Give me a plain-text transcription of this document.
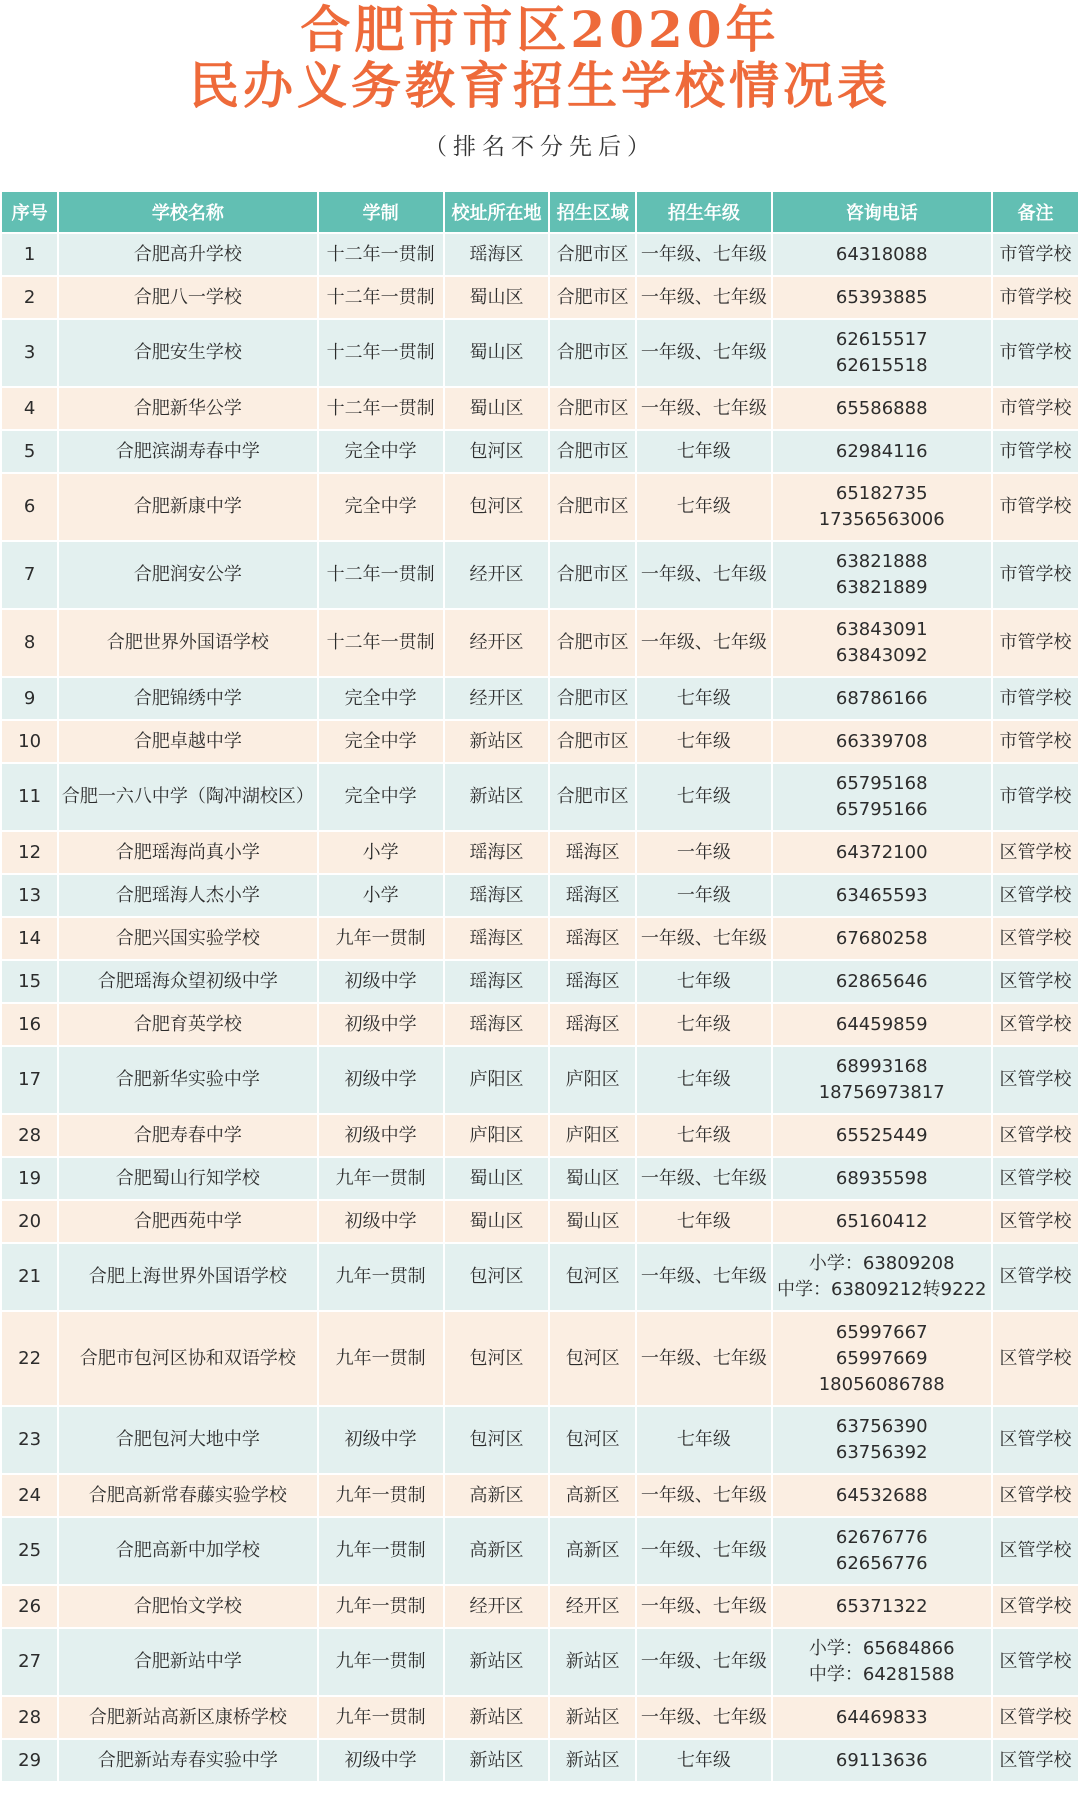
合肥市市区2020年
民办义务教育招生学校情况表
（排名不分先后）
序号	学校名称	学制	校址所在地	招生区域	招生年级	咨询电话	备注
1	合肥高升学校	十二年一贯制	瑶海区	合肥市区	一年级、七年级	64318088	市管学校
2	合肥八一学校	十二年一贯制	蜀山区	合肥市区	一年级、七年级	65393885	市管学校
3	合肥安生学校	十二年一贯制	蜀山区	合肥市区	一年级、七年级	62615517
62615518	市管学校
4	合肥新华公学	十二年一贯制	蜀山区	合肥市区	一年级、七年级	65586888	市管学校
5	合肥滨湖寿春中学	完全中学	包河区	合肥市区	七年级	62984116	市管学校
6	合肥新康中学	完全中学	包河区	合肥市区	七年级	65182735
17356563006	市管学校
7	合肥润安公学	十二年一贯制	经开区	合肥市区	一年级、七年级	63821888
63821889	市管学校
8	合肥世界外国语学校	十二年一贯制	经开区	合肥市区	一年级、七年级	63843091
63843092	市管学校
9	合肥锦绣中学	完全中学	经开区	合肥市区	七年级	68786166	市管学校
10	合肥卓越中学	完全中学	新站区	合肥市区	七年级	66339708	市管学校
11	合肥一六八中学（陶冲湖校区）	完全中学	新站区	合肥市区	七年级	65795168
65795166	市管学校
12	合肥瑶海尚真小学	小学	瑶海区	瑶海区	一年级	64372100	区管学校
13	合肥瑶海人杰小学	小学	瑶海区	瑶海区	一年级	63465593	区管学校
14	合肥兴国实验学校	九年一贯制	瑶海区	瑶海区	一年级、七年级	67680258	区管学校
15	合肥瑶海众望初级中学	初级中学	瑶海区	瑶海区	七年级	62865646	区管学校
16	合肥育英学校	初级中学	瑶海区	瑶海区	七年级	64459859	区管学校
17	合肥新华实验中学	初级中学	庐阳区	庐阳区	七年级	68993168
18756973817	区管学校
28	合肥寿春中学	初级中学	庐阳区	庐阳区	七年级	65525449	区管学校
19	合肥蜀山行知学校	九年一贯制	蜀山区	蜀山区	一年级、七年级	68935598	区管学校
20	合肥西苑中学	初级中学	蜀山区	蜀山区	七年级	65160412	区管学校
21	合肥上海世界外国语学校	九年一贯制	包河区	包河区	一年级、七年级	小学：63809208
中学：63809212转9222	区管学校
22	合肥市包河区协和双语学校	九年一贯制	包河区	包河区	一年级、七年级	65997667
65997669
18056086788	区管学校
23	合肥包河大地中学	初级中学	包河区	包河区	七年级	63756390
63756392	区管学校
24	合肥高新常春藤实验学校	九年一贯制	高新区	高新区	一年级、七年级	64532688	区管学校
25	合肥高新中加学校	九年一贯制	高新区	高新区	一年级、七年级	62676776
62656776	区管学校
26	合肥怡文学校	九年一贯制	经开区	经开区	一年级、七年级	65371322	区管学校
27	合肥新站中学	九年一贯制	新站区	新站区	一年级、七年级	小学：65684866
中学：64281588	区管学校
28	合肥新站高新区康桥学校	九年一贯制	新站区	新站区	一年级、七年级	64469833	区管学校
29	合肥新站寿春实验中学	初级中学	新站区	新站区	七年级	69113636	区管学校
